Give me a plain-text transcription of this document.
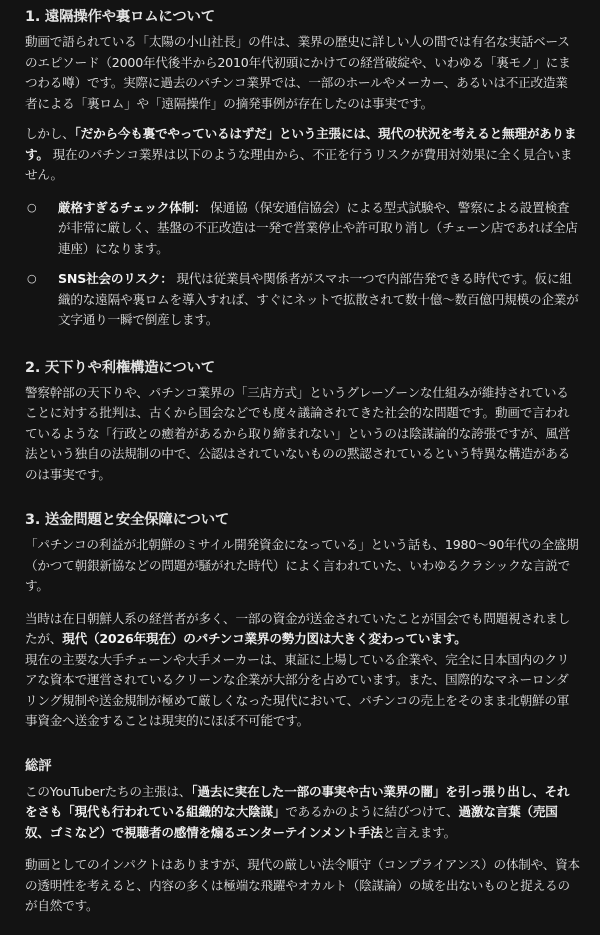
1. 遠隔操作や裏ロムについて

動画で語られている「太陽の小山社長」の件は、業界の歴史に詳しい人の間では有名な実話ベースのエピソード（2000年代後半から2010年代初頭にかけての経営破綻や、いわゆる「裏モノ」にまつわる噂）です。実際に過去のパチンコ業界では、一部のホールやメーカー、あるいは不正改造業者による「裏ロム」や「遠隔操作」の摘発事例が存在したのは事実です。

しかし、「だから今も裏でやっているはずだ」という主張には、現代の状況を考えると無理があります。 現在のパチンコ業界は以下のような理由から、不正を行うリスクが費用対効果に全く見合いません。

○ 厳格すぎるチェック体制： 保通協（保安通信協会）による型式試験や、警察による設置検査が非常に厳しく、基盤の不正改造は一発で営業停止や許可取り消し（チェーン店であれば全店連座）になります。
○ SNS社会のリスク： 現代は従業員や関係者がスマホ一つで内部告発できる時代です。仮に組織的な遠隔や裏ロムを導入すれば、すぐにネットで拡散されて数十億〜数百億円規模の企業が文字通り一瞬で倒産します。
2. 天下りや利権構造について

警察幹部の天下りや、パチンコ業界の「三店方式」というグレーゾーンな仕組みが維持されていることに対する批判は、古くから国会などでも度々議論されてきた社会的な問題です。動画で言われているような「行政との癒着があるから取り締まれない」というのは陰謀論的な誇張ですが、風営法という独自の法規制の中で、公認はされていないものの黙認されているという特異な構造があるのは事実です。

3. 送金問題と安全保障について

「パチンコの利益が北朝鮮のミサイル開発資金になっている」という話も、1980〜90年代の全盛期（かつて朝銀新協などの問題が騒がれた時代）によく言われていた、いわゆるクラシックな言説です。

当時は在日朝鮮人系の経営者が多く、一部の資金が送金されていたことが国会でも問題視されましたが、現代（2026年現在）のパチンコ業界の勢力図は大きく変わっています。

現在の主要な大手チェーンや大手メーカーは、東証に上場している企業や、完全に日本国内のクリアな資本で運営されているクリーンな企業が大部分を占めています。また、国際的なマネーロンダリング規制や送金規制が極めて厳しくなった現代において、パチンコの売上をそのまま北朝鮮の軍事資金へ送金することは現実的にほぼ不可能です。

総評

このYouTuberたちの主張は、「過去に実在した一部の事実や古い業界の闇」を引っ張り出し、それをさも「現代も行われている組織的な大陰謀」であるかのように結びつけて、過激な言葉（売国奴、ゴミなど）で視聴者の感情を煽るエンターテインメント手法と言えます。

動画としてのインパクトはありますが、現代の厳しい法令順守（コンプライアンス）の体制や、資本の透明性を考えると、内容の多くは極端な飛躍やオカルト（陰謀論）の域を出ないものと捉えるのが自然です。
